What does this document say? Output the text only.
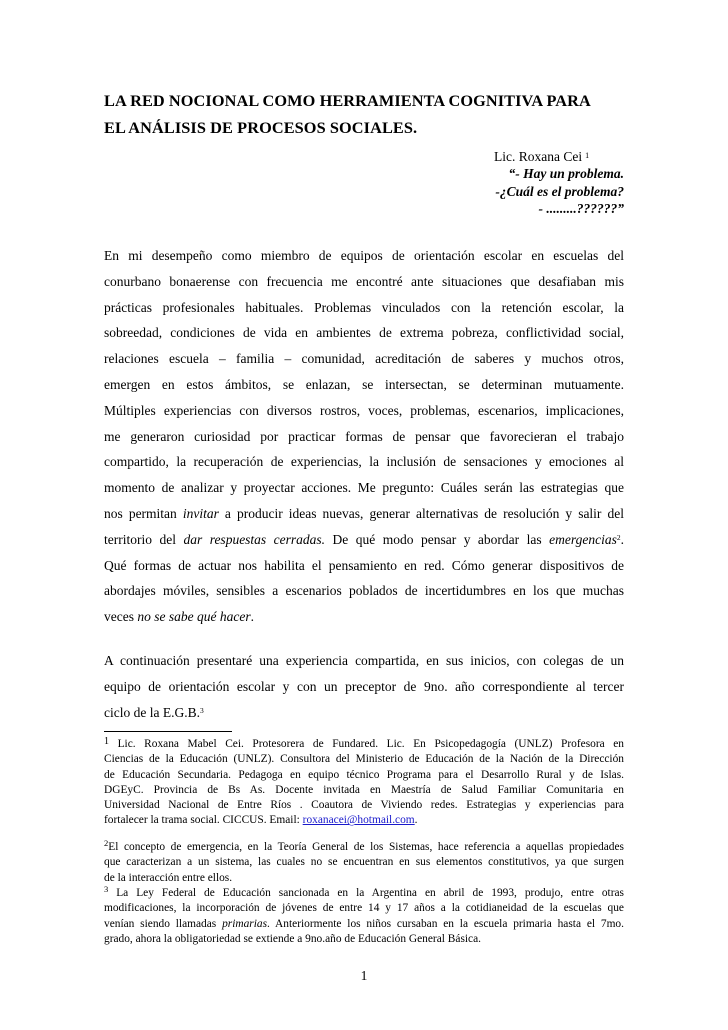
LA RED NOCIONAL COMO HERRAMIENTA COGNITIVA PARA
EL ANÁLISIS DE PROCESOS SOCIALES.
Lic. Roxana Cei $^1$
“- Hay un problema.
-¿Cuál es el problema?
- .........??????”
En mi desempeño como miembro de equipos de orientación escolar en escuelas del
conurbano bonaerense con frecuencia me encontré ante situaciones que desafiaban mis
prácticas profesionales habituales. Problemas vinculados con la retención escolar, la
sobreedad, condiciones de vida en ambientes de extrema pobreza, conflictividad social,
relaciones escuela – familia – comunidad, acreditación de saberes y muchos otros,
emergen en estos ámbitos, se enlazan, se intersectan, se determinan mutuamente.
Múltiples experiencias con diversos rostros, voces, problemas, escenarios, implicaciones,
me generaron curiosidad por practicar formas de pensar que favorecieran el trabajo
compartido, la recuperación de experiencias, la inclusión de sensaciones y emociones al
momento de analizar y proyectar acciones. Me pregunto: Cuáles serán las estrategias que
nos permitan invitar a producir ideas nuevas, generar alternativas de resolución y salir del
territorio del dar respuestas cerradas. De qué modo pensar y abordar las emergencias$^2$.
Qué formas de actuar nos habilita el pensamiento en red. Cómo generar dispositivos de
abordajes móviles, sensibles a escenarios poblados de incertidumbres en los que muchas
veces no se sabe qué hacer.
A continuación presentaré una experiencia compartida, en sus inicios, con colegas de un
equipo de orientación escolar y con un preceptor de 9no. año correspondiente al tercer
ciclo de la E.G.B.$^3$
1 Lic. Roxana Mabel Cei. Protesorera de Fundared. Lic. En Psicopedagogía (UNLZ) Profesora en
Ciencias de la Educación (UNLZ). Consultora del Ministerio de Educación de la Nación de la Dirección
de Educación Secundaria. Pedagoga en equipo técnico Programa para el Desarrollo Rural y de Islas.
DGEyC. Provincia de Bs As. Docente invitada en Maestría de Salud Familiar Comunitaria en
Universidad Nacional de Entre Ríos . Coautora de Viviendo redes. Estrategias y experiencias para
fortalecer la trama social. CICCUS. Email: roxanacei@hotmail.com.
$^2$El concepto de emergencia, en la Teoría General de los Sistemas, hace referencia a aquellas propiedades
que caracterizan a un sistema, las cuales no se encuentran en sus elementos constitutivos, ya que surgen
de la interacción entre ellos.
$^3$ La Ley Federal de Educación sancionada en la Argentina en abril de 1993, produjo, entre otras
modificaciones, la incorporación de jóvenes de entre 14 y 17 años a la cotidianeidad de la escuelas que
venían siendo llamadas primarias. Anteriormente los niños cursaban en la escuela primaria hasta el 7mo.
grado, ahora la obligatoriedad se extiende a 9no.año de Educación General Básica.
1
